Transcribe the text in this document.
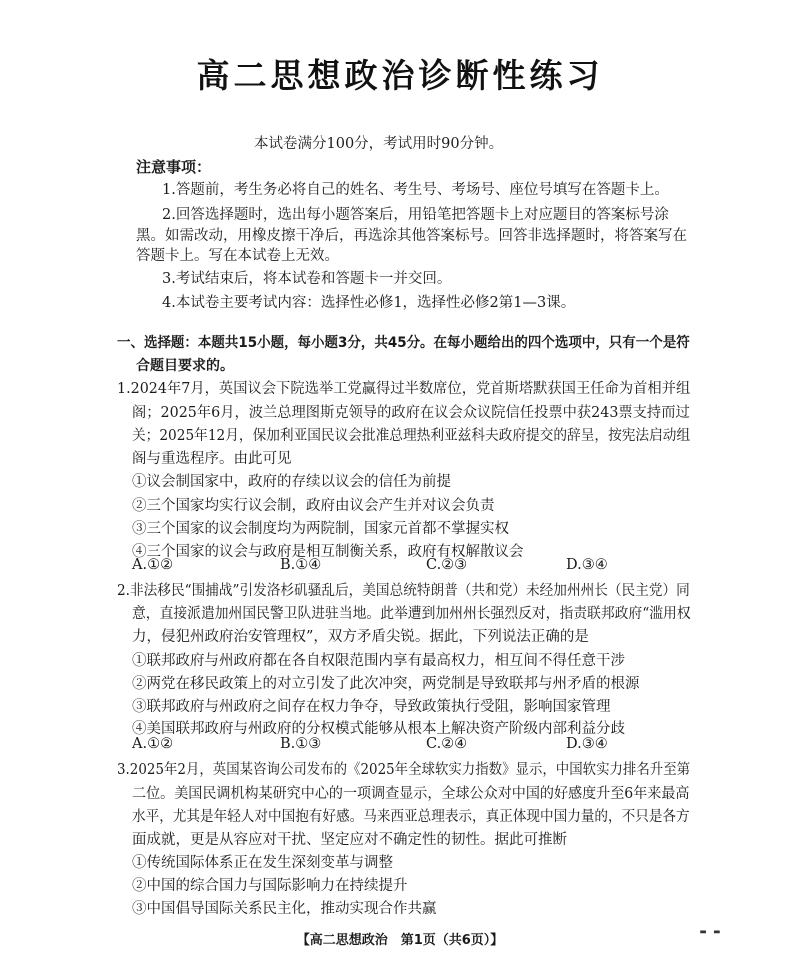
高二思想政治诊断性练习
本试卷满分100分，考试用时90分钟。
注意事项：
1.答题前，考生务必将自己的姓名、考生号、考场号、座位号填写在答题卡上。
2.回答选择题时，选出每小题答案后，用铅笔把答题卡上对应题目的答案标号涂
黑。如需改动，用橡皮擦干净后，再选涂其他答案标号。回答非选择题时，将答案写在
答题卡上。写在本试卷上无效。
3.考试结束后，将本试卷和答题卡一并交回。
4.本试卷主要考试内容：选择性必修1，选择性必修2第1—3课。
一、选择题：本题共15小题，每小题3分，共45分。在每小题给出的四个选项中，只有一个是符
合题目要求的。
1.2024年7月，英国议会下院选举工党赢得过半数席位，党首斯塔默获国王任命为首相并组
阁；2025年6月，波兰总理图斯克领导的政府在议会众议院信任投票中获243票支持而过
关；2025年12月，保加利亚国民议会批准总理热利亚兹科夫政府提交的辞呈，按宪法启动组
阁与重选程序。由此可见
①议会制国家中，政府的存续以议会的信任为前提
②三个国家均实行议会制，政府由议会产生并对议会负责
③三个国家的议会制度均为两院制，国家元首都不掌握实权
④三个国家的议会与政府是相互制衡关系，政府有权解散议会
A.①②	B.①④	C.②③	D.③④
2.非法移民“围捕战”引发洛杉矶骚乱后，美国总统特朗普（共和党）未经加州州长（民主党）同
意，直接派遣加州国民警卫队进驻当地。此举遭到加州州长强烈反对，指责联邦政府“滥用权
力，侵犯州政府治安管理权”，双方矛盾尖锐。据此，下列说法正确的是
①联邦政府与州政府都在各自权限范围内享有最高权力，相互间不得任意干涉
②两党在移民政策上的对立引发了此次冲突，两党制是导致联邦与州矛盾的根源
③联邦政府与州政府之间存在权力争夺，导致政策执行受阻，影响国家管理
④美国联邦政府与州政府的分权模式能够从根本上解决资产阶级内部利益分歧
A.①②	B.①③	C.②④	D.③④
3.2025年2月，英国某咨询公司发布的《2025年全球软实力指数》显示，中国软实力排名升至第
二位。美国民调机构某研究中心的一项调查显示，全球公众对中国的好感度升至6年来最高
水平，尤其是年轻人对中国抱有好感。马来西亚总理表示，真正体现中国力量的，不只是各方
面成就，更是从容应对干扰、坚定应对不确定性的韧性。据此可推断
①传统国际体系正在发生深刻变革与调整
②中国的综合国力与国际影响力在持续提升
③中国倡导国际关系民主化，推动实现合作共赢
【高二思想政治　第1页（共6页）】	"
